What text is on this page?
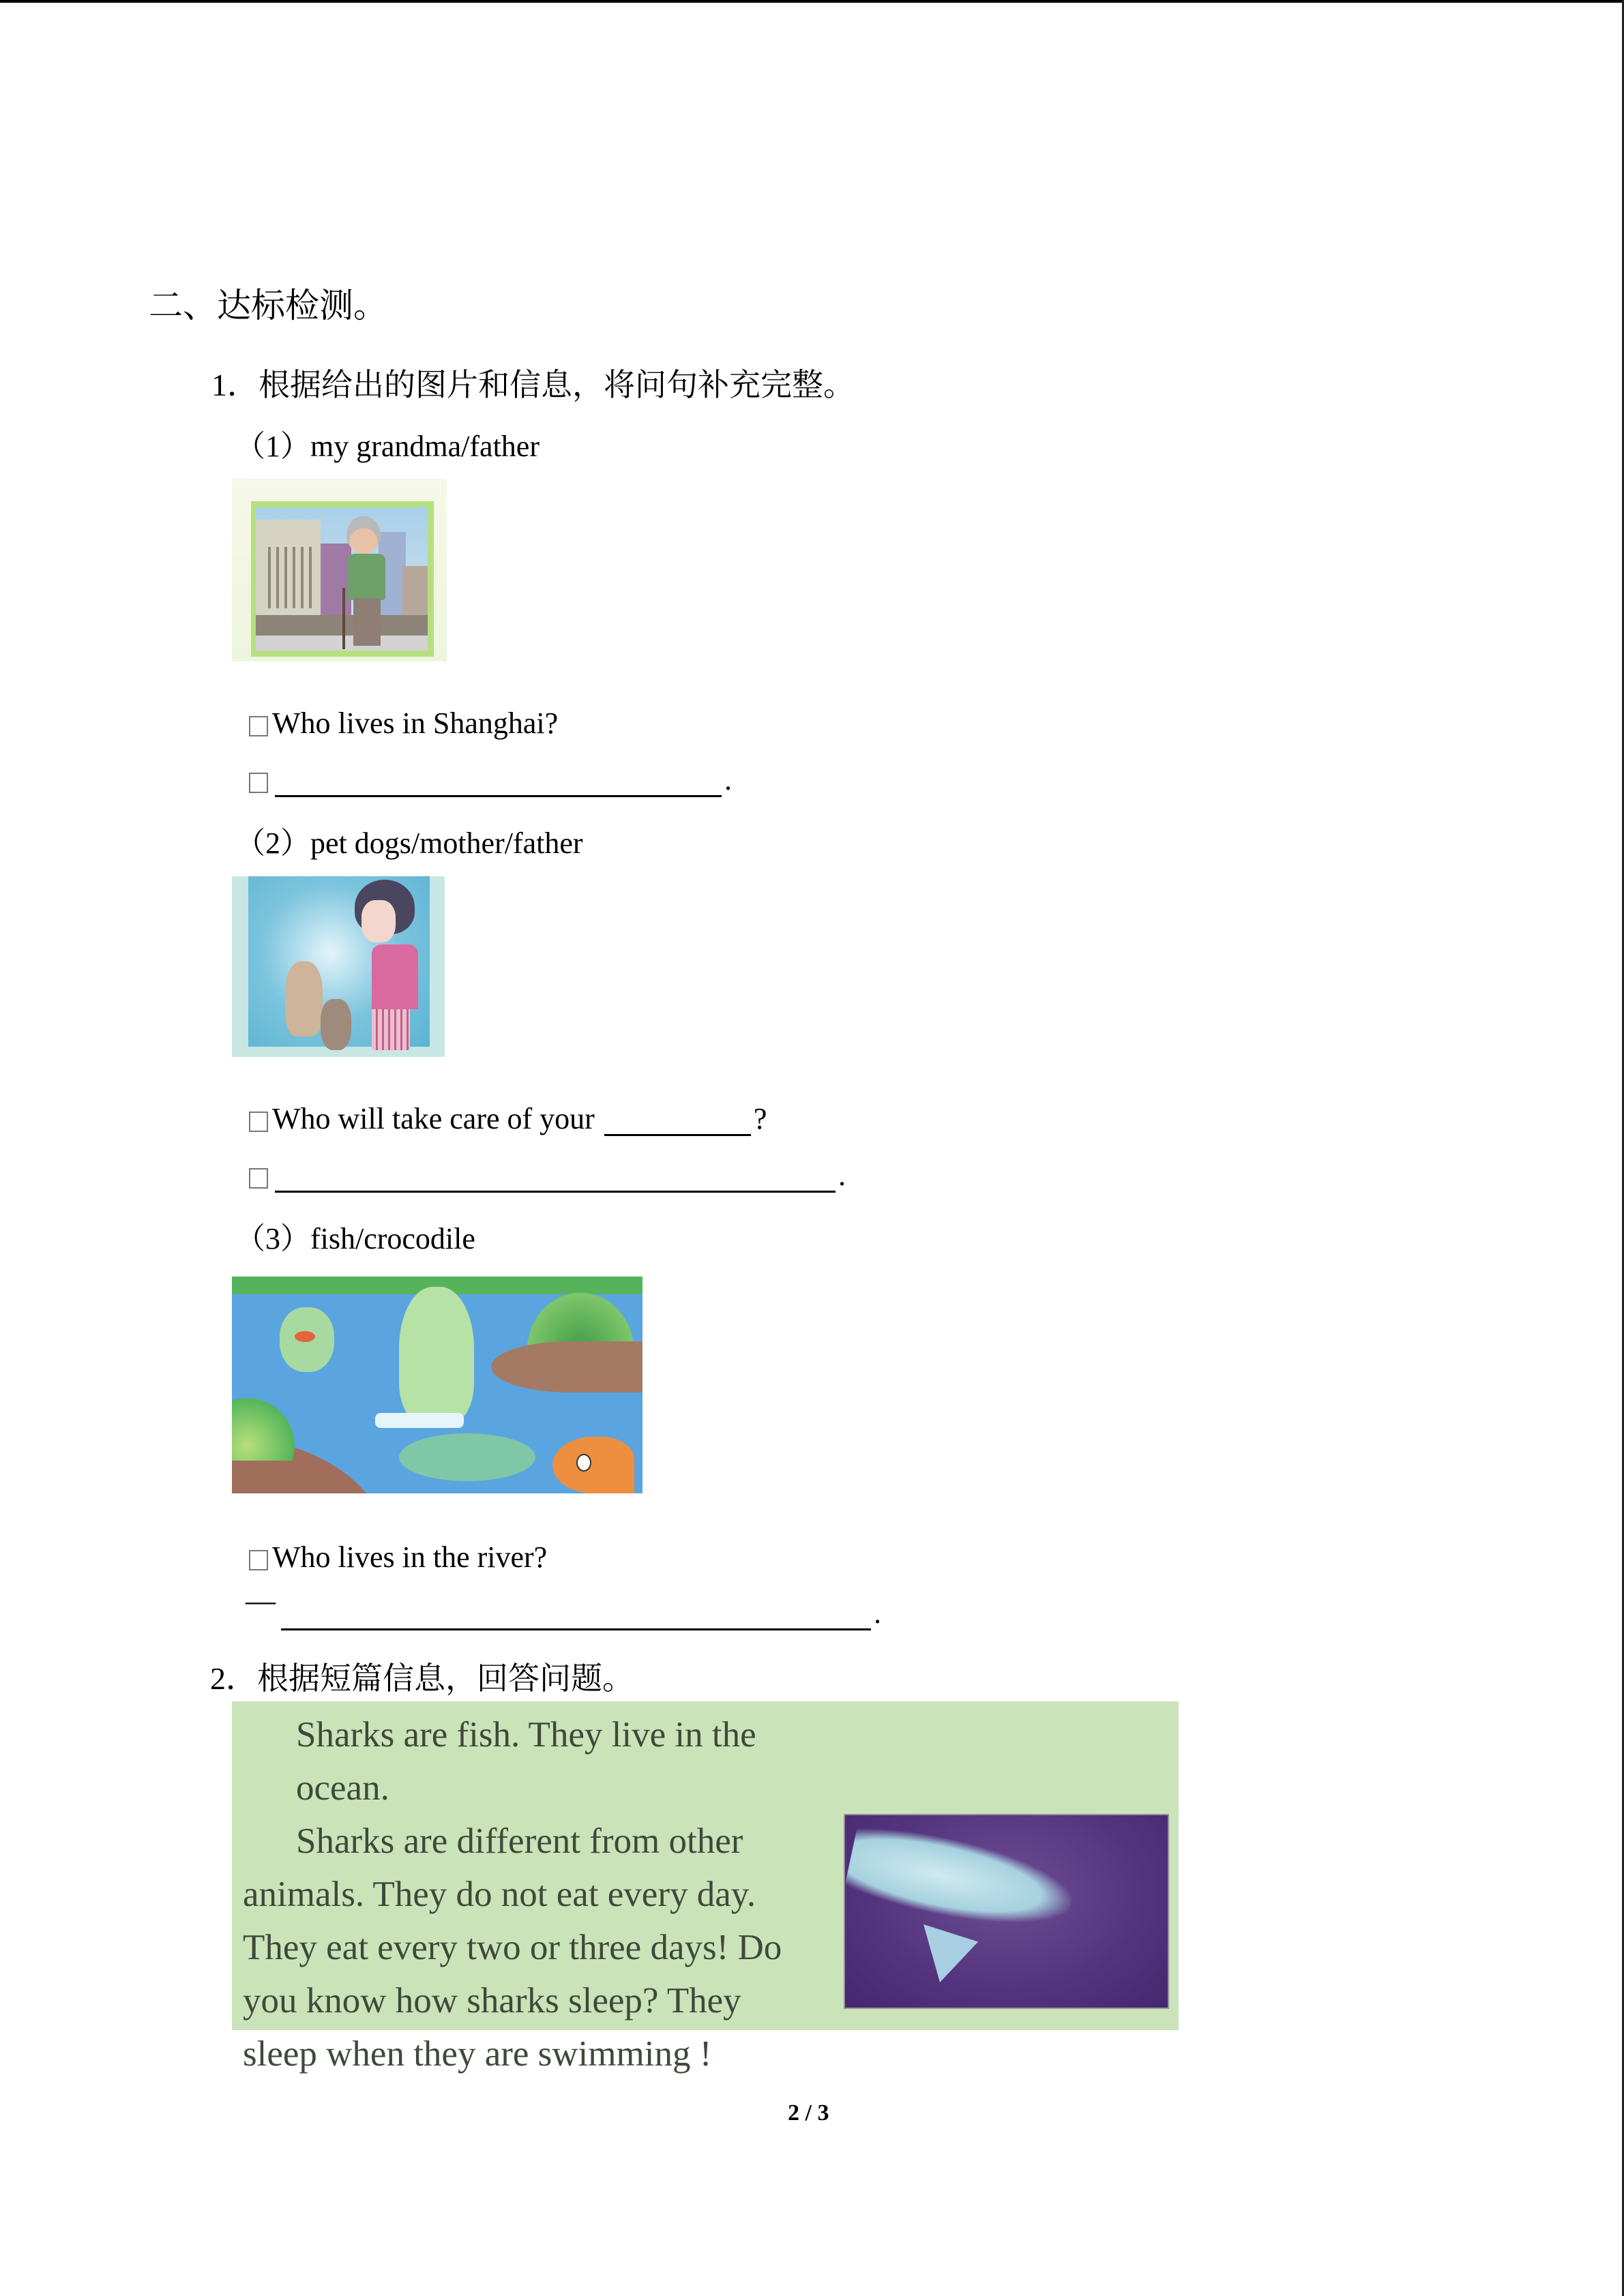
二、达标检测。
1．根据给出的图片和信息，将问句补充完整。
（1）my grandma/father
Who lives in Shanghai?
.
（2）pet dogs/mother/father
Who will take care of your	?
.
（3）fish/crocodile
Who lives in the river?
—	.
2．根据短篇信息，回答问题。
Sharks are fish. They live in the ocean.
Sharks are different from other
animals. They do not eat every day.
They eat every two or three days! Do
you know how sharks sleep? They
sleep when they are swimming !
2 / 3
